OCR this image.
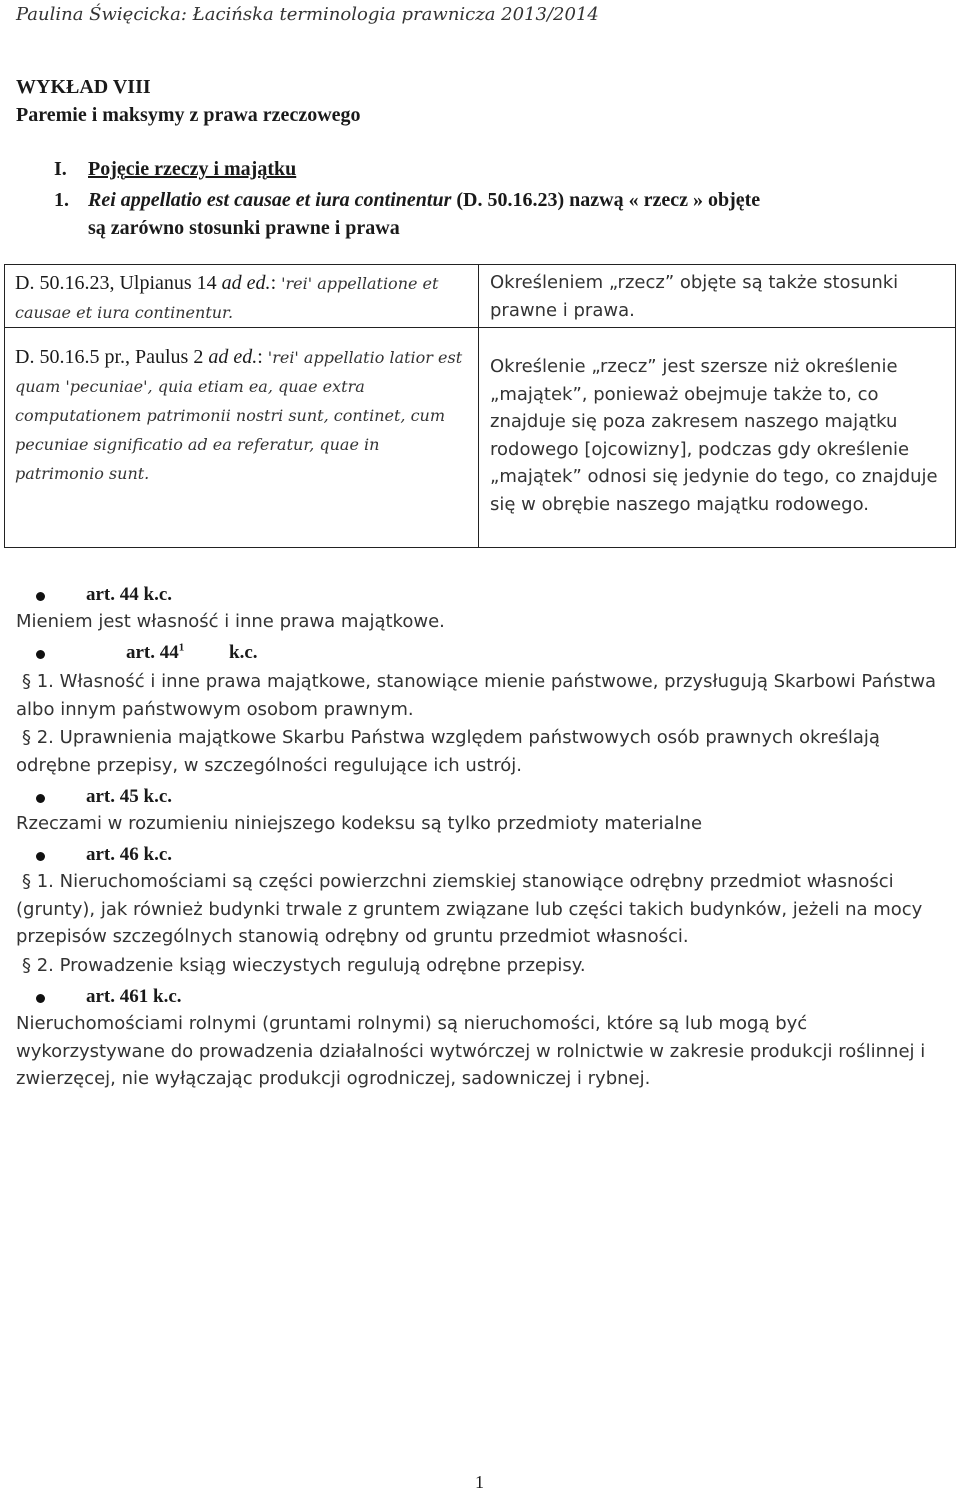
Paulina Święcicka: Łacińska terminologia prawnicza 2013/2014
WYKŁAD VIII
Paremie i maksymy z prawa rzeczowego
I. Pojęcie rzeczy i majątku
1. Rei appellatio est causae et iura continentur (D. 50.16.23) nazwą « rzecz » objęte
są zarówno stosunki prawne i prawa
D. 50.16.23, Ulpianus 14 ad ed.: 'rei' appellatione et causae et iura continentur.
Określeniem „rzecz” objęte są także stosunki prawne i prawa.
D. 50.16.5 pr., Paulus 2 ad ed.: 'rei' appellatio latior est quam 'pecuniae', quia etiam ea, quae extra computationem patrimonii nostri sunt, continet, cum pecuniae significatio ad ea referatur, quae in patrimonio sunt.
Określenie „rzecz” jest szersze niż określenie „majątek”, ponieważ obejmuje także to, co znajduje się poza zakresem naszego majątku rodowego [ojcowizny], podczas gdy określenie „majątek” odnosi się jedynie do tego, co znajduje się w obrębie naszego majątku rodowego.
art. 44 k.c.
Mieniem jest własność i inne prawa majątkowe.
art. $44^1$ k.c.
§ 1. Własność i inne prawa majątkowe, stanowiące mienie państwowe, przysługują Skarbowi Państwa albo innym państwowym osobom prawnym.
§ 2. Uprawnienia majątkowe Skarbu Państwa względem państwowych osób prawnych określają odrębne przepisy, w szczególności regulujące ich ustrój.
art. 45 k.c.
Rzeczami w rozumieniu niniejszego kodeksu są tylko przedmioty materialne
art. 46 k.c.
§ 1. Nieruchomościami są części powierzchni ziemskiej stanowiące odrębny przedmiot własności (grunty), jak również budynki trwale z gruntem związane lub części takich budynków, jeżeli na mocy przepisów szczególnych stanowią odrębny od gruntu przedmiot własności.
§ 2. Prowadzenie ksiąg wieczystych regulują odrębne przepisy.
art. 461 k.c.
Nieruchomościami rolnymi (gruntami rolnymi) są nieruchomości, które są lub mogą być wykorzystywane do prowadzenia działalności wytwórczej w rolnictwie w zakresie produkcji roślinnej i zwierzęcej, nie wyłączając produkcji ogrodniczej, sadowniczej i rybnej.
1
